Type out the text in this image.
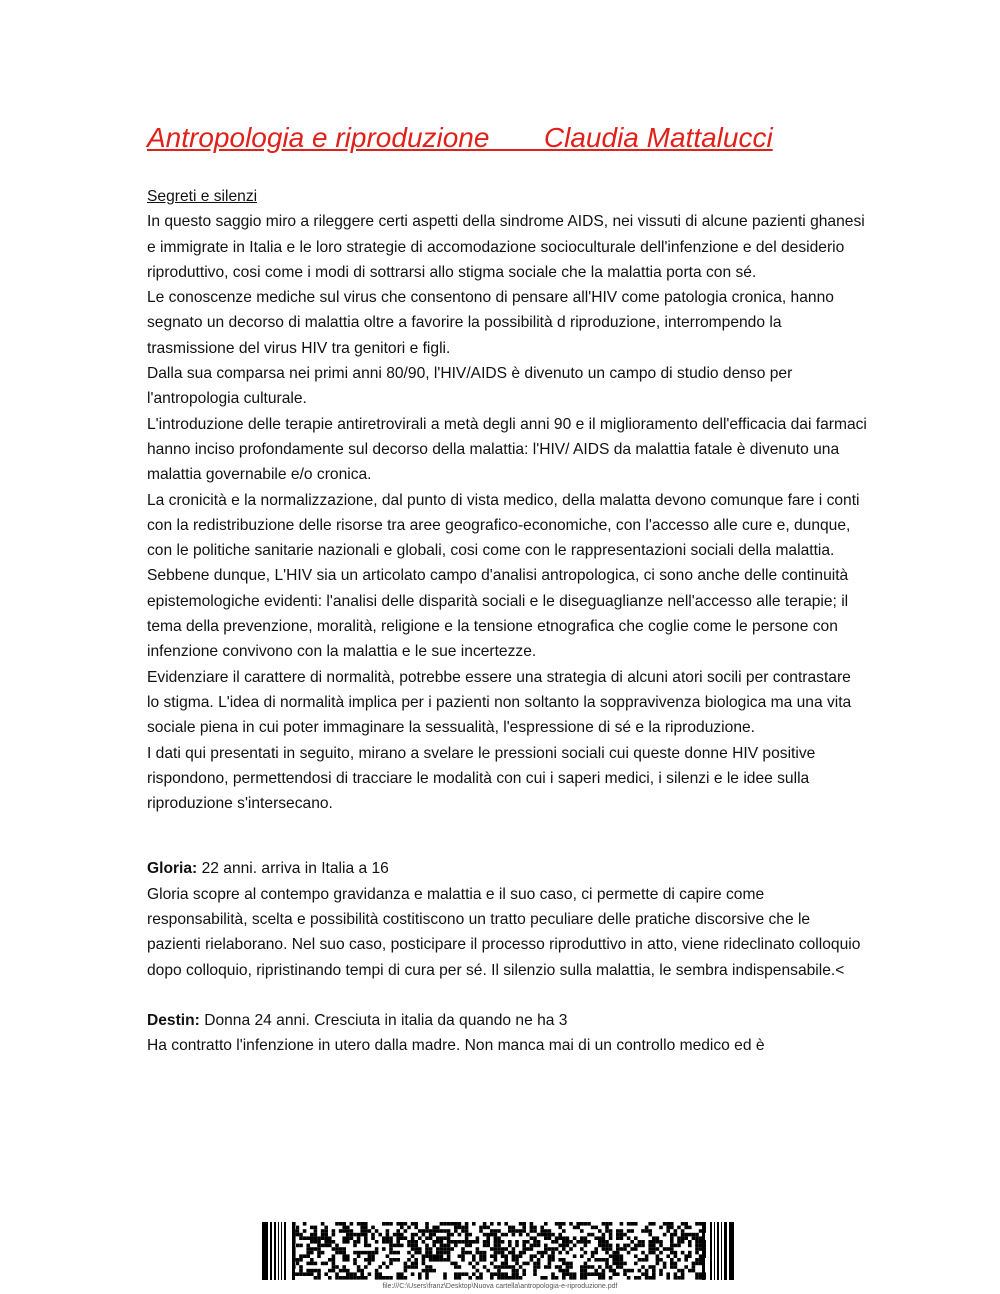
Antropologia e riproduzione       Claudia Mattalucci

Segreti e silenzi

In questo saggio miro a rileggere certi aspetti della sindrome AIDS, nei vissuti di alcune pazienti ghanesi e immigrate in Italia e le loro strategie di accomodazione socioculturale dell'infenzione e del desiderio riproduttivo, cosi come i modi di sottrarsi allo stigma sociale che la malattia porta con sé.

Le conoscenze mediche sul virus che consentono di pensare all'HIV come patologia cronica, hanno segnato un decorso di malattia oltre a favorire la possibilità d riproduzione, interrompendo la trasmissione del virus HIV tra genitori e figli.

Dalla sua comparsa nei primi anni 80/90, l'HIV/AIDS è divenuto un campo di studio denso per l'antropologia culturale.

L'introduzione delle terapie antiretrovirali a metà degli anni 90 e il miglioramento dell'efficacia dai farmaci hanno inciso profondamente sul decorso della malattia: l'HIV/ AIDS da malattia fatale è divenuto una malattia governabile e/o cronica.

La cronicità e la normalizzazione, dal punto di vista medico, della malatta devono comunque fare i conti con la redistribuzione delle risorse tra aree geografico-economiche, con l'accesso alle cure e, dunque, con le politiche sanitarie nazionali e globali, cosi come con le rappresentazioni sociali della malattia.

Sebbene dunque, L'HIV sia un articolato campo d'analisi antropologica, ci sono anche delle continuità epistemologiche evidenti: l'analisi delle disparità sociali e le diseguaglianze nell'accesso alle terapie; il tema della prevenzione, moralità, religione e la tensione etnografica che coglie come le persone con infenzione convivono con la malattia e le sue incertezze.

Evidenziare il carattere di normalità, potrebbe essere una strategia di alcuni atori socili per contrastare lo stigma. L'idea di normalità implica per i pazienti non soltanto la soppravivenza biologica ma una vita sociale piena in cui poter immaginare la sessualità, l'espressione di sé e la riproduzione.

I dati qui presentati in seguito, mirano a svelare le pressioni sociali cui queste donne HIV positive rispondono, permettendosi di tracciare le modalità con cui i saperi medici, i silenzi e le idee sulla riproduzione s'intersecano.

Gloria: 22 anni. arriva in Italia a 16

Gloria scopre al contempo gravidanza e malattia e il suo caso, ci permette di capire come responsabilità, scelta e possibilità costitiscono un tratto peculiare delle pratiche discorsive che le pazienti rielaborano. Nel suo caso, posticipare il processo riproduttivo in atto, viene rideclinato colloquio dopo colloquio, ripristinando tempi di cura per sé. Il silenzio sulla malattia, le sembra indispensabile.<

Destin: Donna 24 anni. Cresciuta in italia da quando ne ha 3

Ha contratto l'infenzione in utero dalla madre. Non manca mai di un controllo medico ed è

file:///C:\Users\franz\Desktop\Nuova cartella\antropologia-e-riproduzione.pdf
